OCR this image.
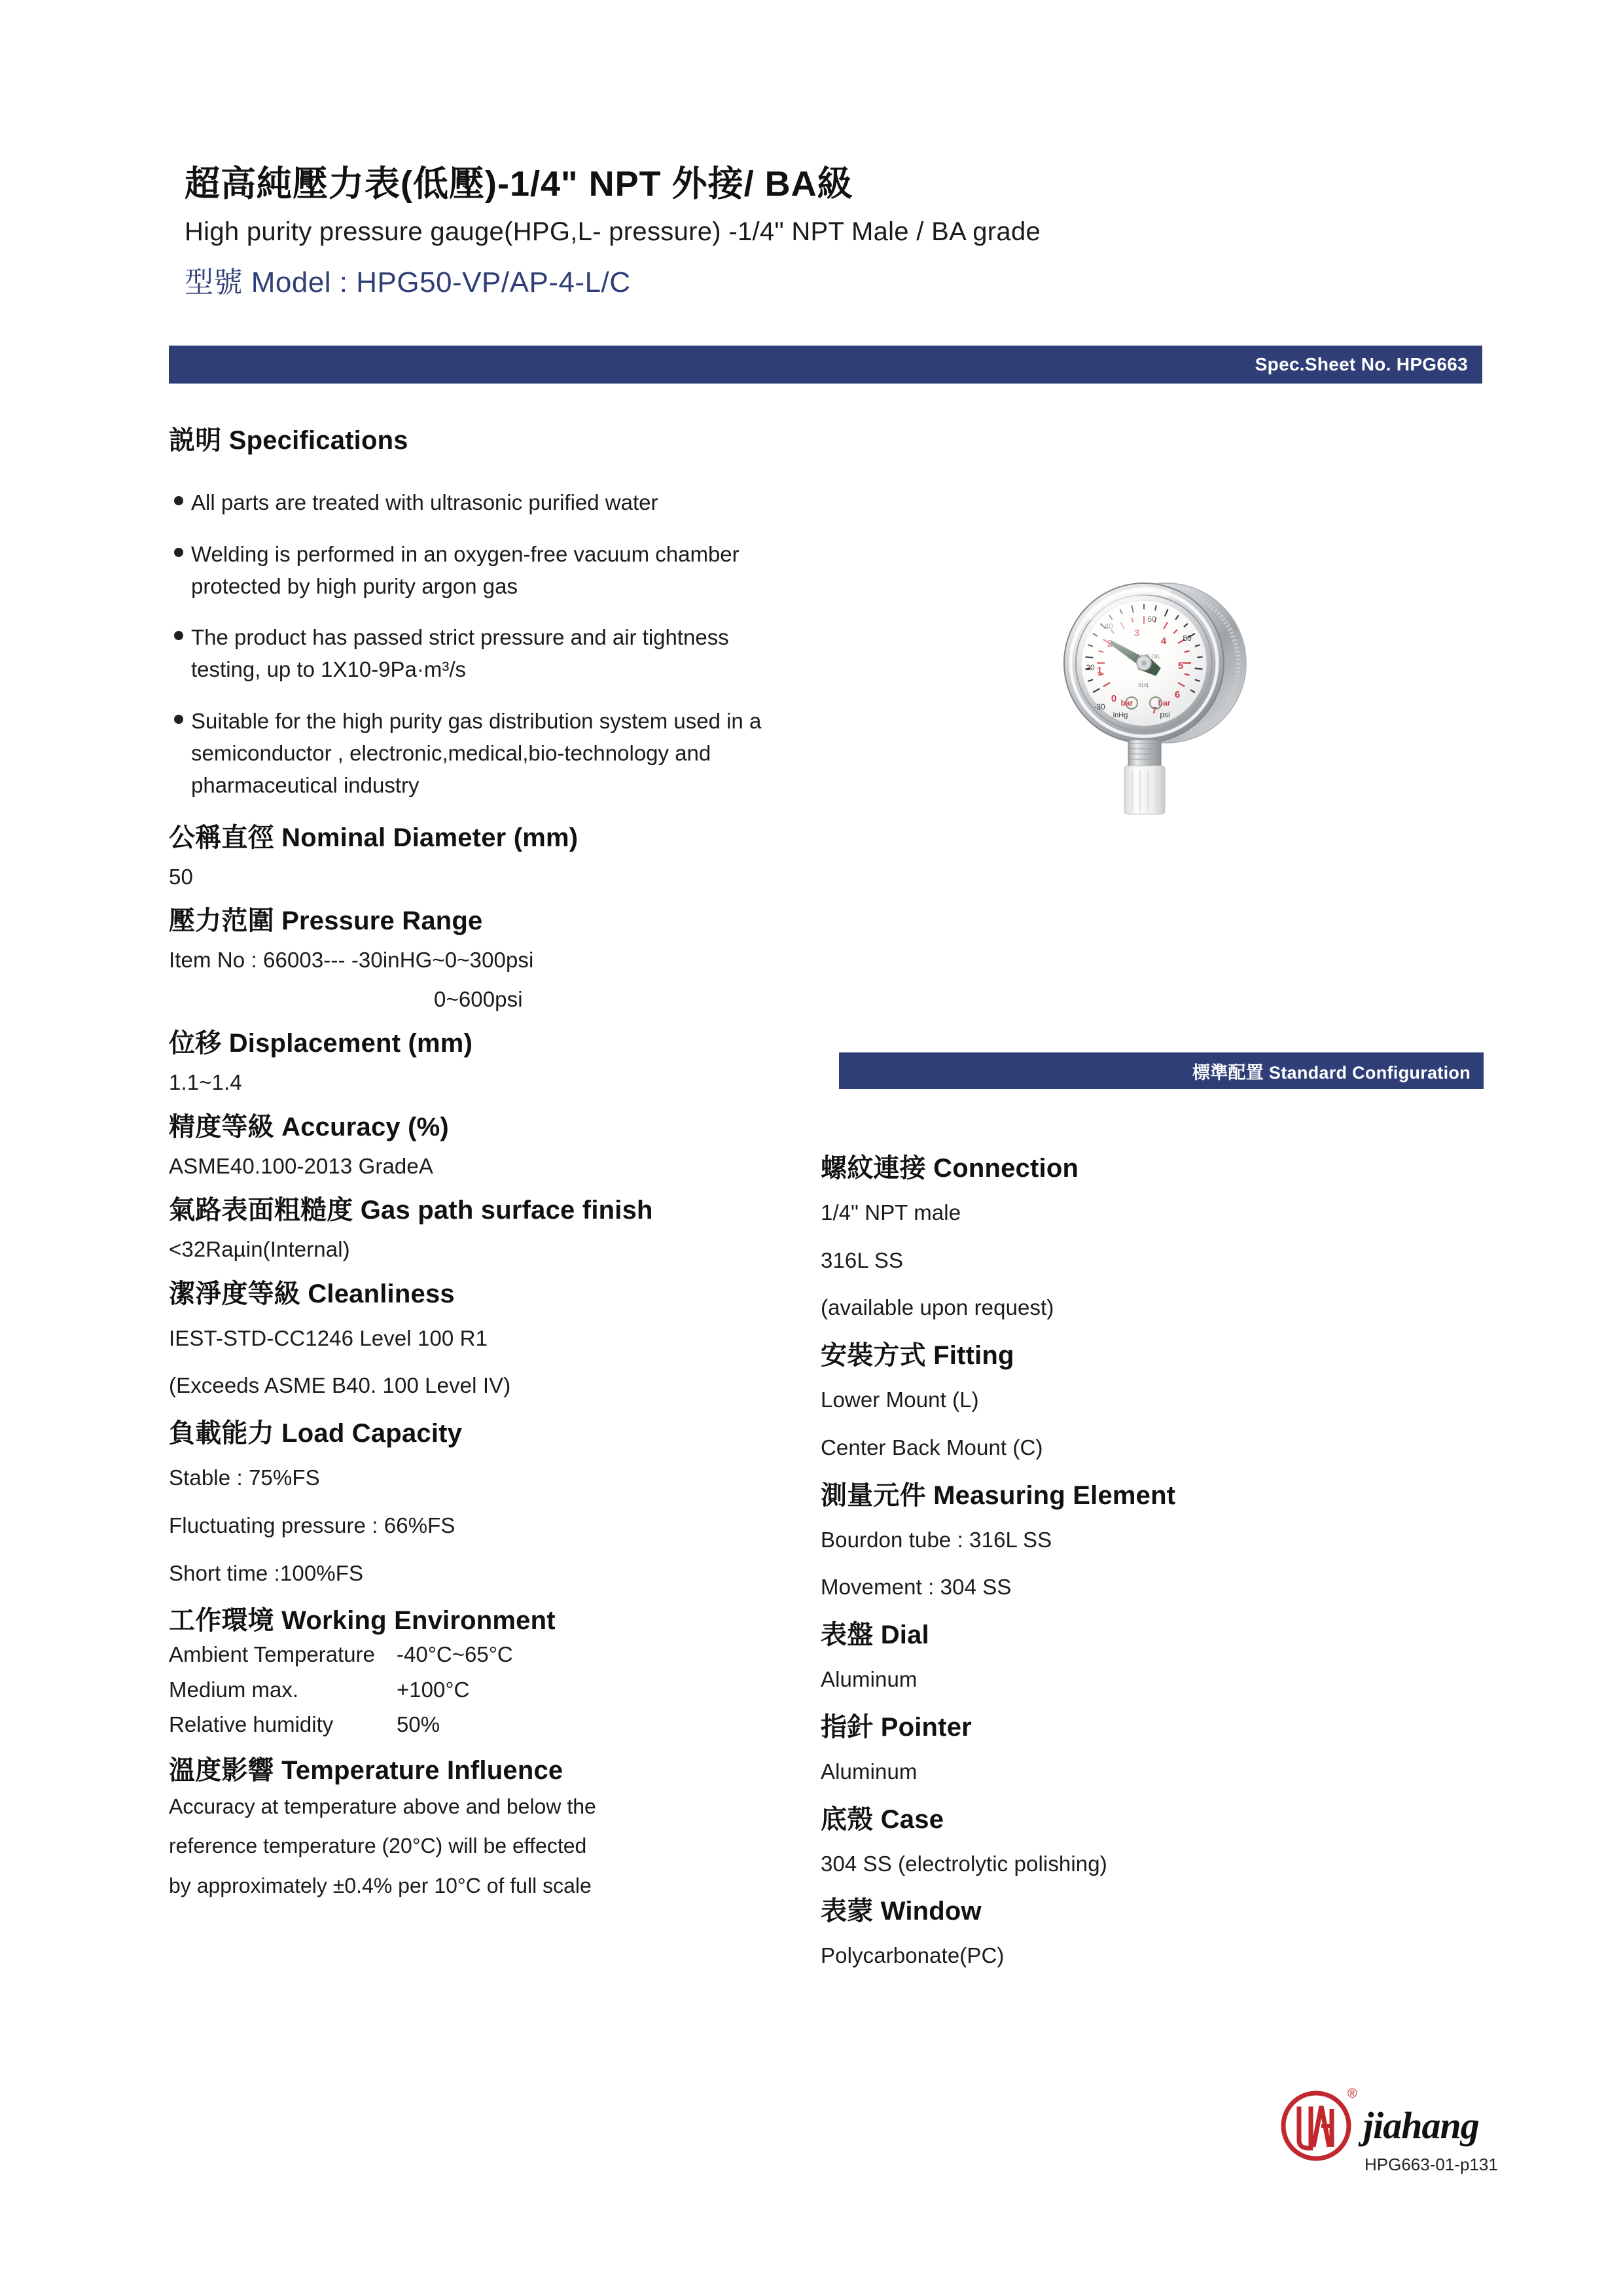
超高純壓力表(低壓)-1/4" NPT 外接/ BA級
High purity pressure gauge(HPG,L- pressure) -1/4" NPT Male / BA grade
型號 Model : HPG50-VP/AP-4-L/C
Spec.Sheet No. HPG663
説明 Specifications
All parts are treated with ultrasonic purified water
Welding is performed in an oxygen-free vacuum chamber protected by high purity argon gas
The product has passed strict pressure and air tightness testing, up to 1X10-9Pa·m³/s
Suitable for the high purity gas distribution system used in a semiconductor , electronic,medical,bio-technology and pharmaceutical industry
公稱直徑 Nominal Diameter (mm)
50
壓力范圍 Pressure Range
Item No : 66003--- -30inHG~0~300psi
0~600psi
位移 Displacement (mm)
1.1~1.4
精度等級 Accuracy (%)
ASME40.100-2013 GradeA
氣路表面粗糙度 Gas path surface finish
<32Raµin(Internal)
潔淨度等級 Cleanliness
IEST-STD-CC1246 Level 100 R1
(Exceeds ASME B40. 100 Level IV)
負載能力 Load Capacity
Stable : 75%FS
Fluctuating pressure : 66%FS
Short time :100%FS
工作環境 Working Environment
Ambient Temperature	-40°C~65°C
Medium max.	+100°C
Relative humidity	50%
溫度影響 Temperature Influence
Accuracy at temperature above and below the
reference temperature (20°C) will be effected
by approximately ±0.4% per 10°C of full scale
標準配置 Standard Configuration
螺紋連接 Connection
1/4" NPT male
316L SS
(available upon request)
安裝方式 Fitting
Lower Mount (L)
Center Back Mount (C)
測量元件 Measuring Element
Bourdon tube : 316L SS
Movement : 304 SS
表盤 Dial
Aluminum
指針 Pointer
Aluminum
底殼 Case
304 SS (electrolytic polishing)
表蒙 Window
Polycarbonate(PC)
®
jiahang
HPG663-01-p131
